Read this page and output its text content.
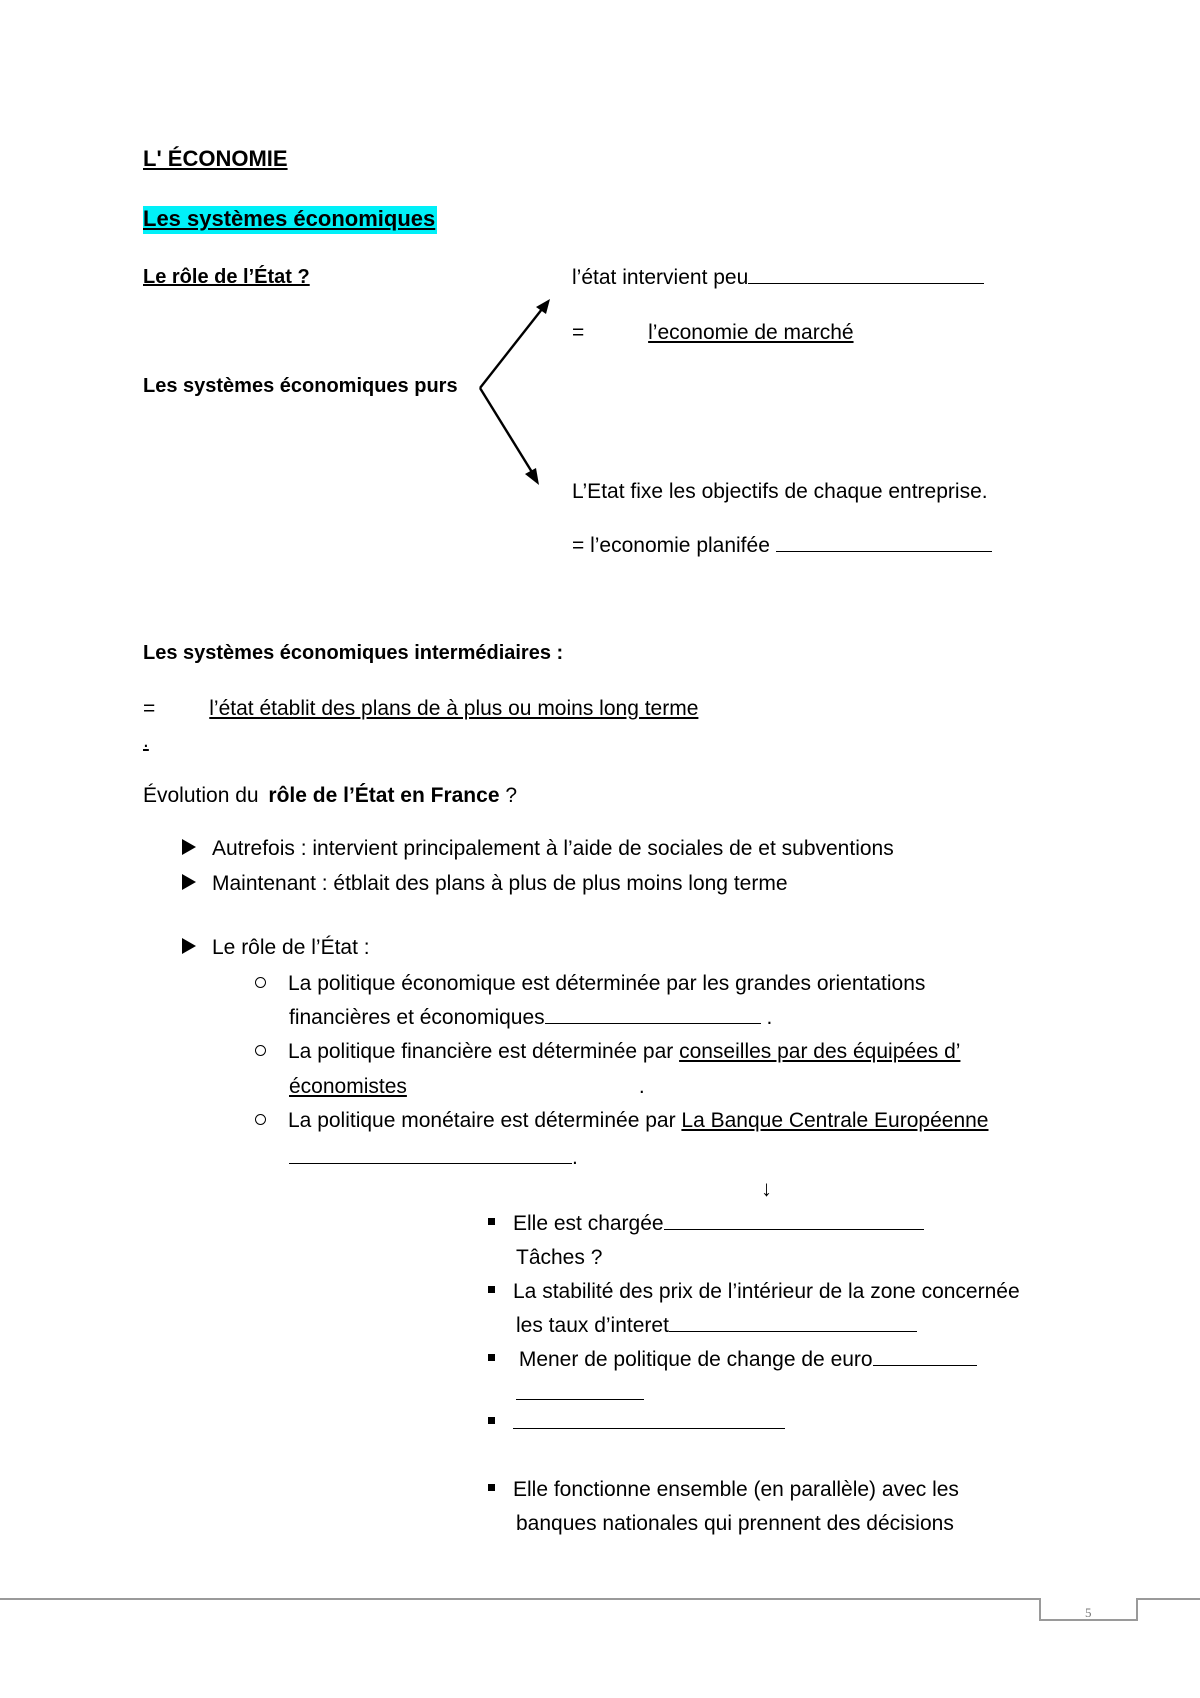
L' ÉCONOMIE
Les systèmes économiques
Le rôle de l’État ?
Les systèmes économiques purs
l’état intervient peu
=	l’economie de marché
L’Etat fixe les objectifs de chaque entreprise.
= l’economie planifée
Les systèmes économiques intermédiaires :
=	l’état établit des plans de à plus ou moins long terme
.
Évolution du rôle de l’État en France ?
Autrefois : intervient principalement à l’aide de sociales de et subventions
Maintenant : étblait des plans à plus de plus moins long terme
Le rôle de l’État :
La politique économique est déterminée par les grandes orientations
financières et économiques	.
La politique financière est déterminée par conseilles par des équipées d’
économistes	.
La politique monétaire est déterminée par La Banque Centrale Européenne
.
↓
Elle est chargée
Tâches ?
La stabilité des prix de l’intérieur de la zone concernée
les taux d’interet
Mener de politique de change de euro
Elle fonctionne ensemble (en parallèle) avec les
banques nationales qui prennent des décisions
5
